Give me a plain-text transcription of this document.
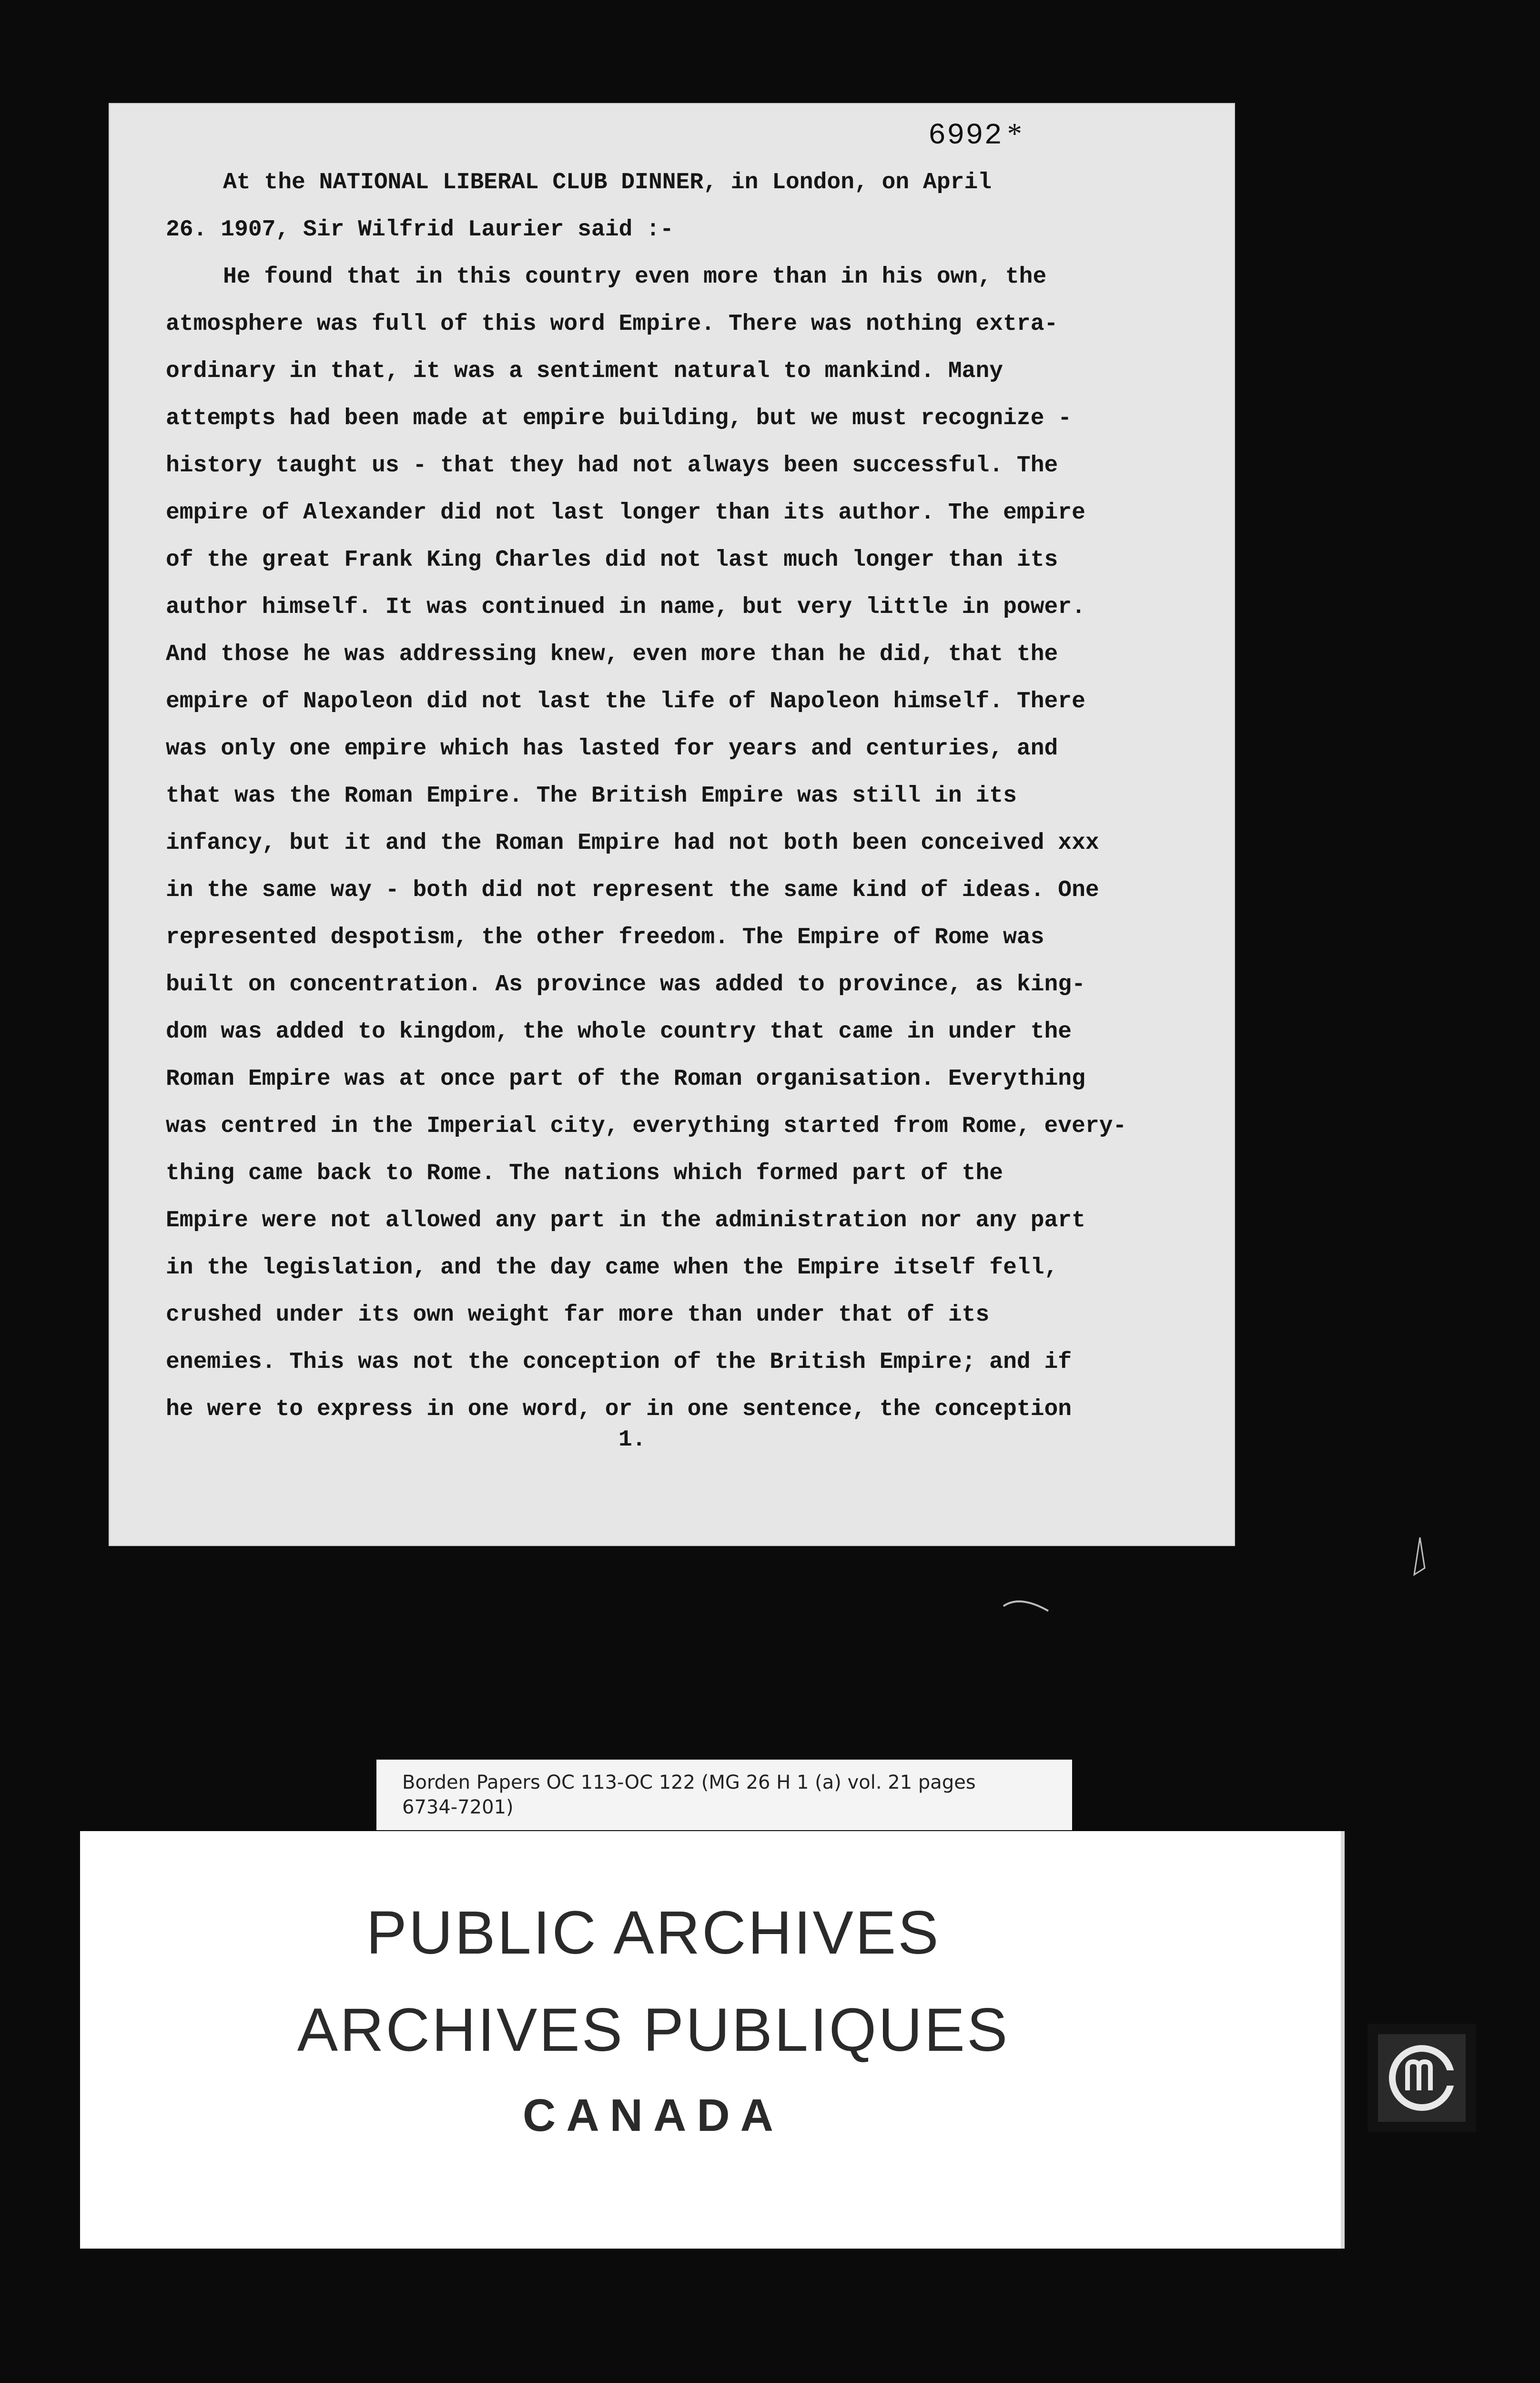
6992*
At the NATIONAL LIBERAL CLUB DINNER, in London, on April
26. 1907, Sir Wilfrid Laurier said :-
He found that in this country even more than in his own, the
atmosphere was full of this word Empire. There was nothing extra-
ordinary in that, it was a sentiment natural to mankind. Many
attempts had been made at empire building, but we must recognize -
history taught us - that they had not always been successful. The
empire of Alexander did not last longer than its author. The empire
of the great Frank King Charles did not last much longer than its
author himself. It was continued in name, but very little in power.
And those he was addressing knew, even more than he did, that the
empire of Napoleon did not last the life of Napoleon himself. There
was only one empire which has lasted for years and centuries, and
that was the Roman Empire. The British Empire was still in its
infancy, but it and the Roman Empire had not both been conceived xxx
in the same way - both did not represent the same kind of ideas. One
represented despotism, the other freedom. The Empire of Rome was
built on concentration. As province was added to province, as king-
dom was added to kingdom, the whole country that came in under the
Roman Empire was at once part of the Roman organisation. Everything
was centred in the Imperial city, everything started from Rome, every-
thing came back to Rome. The nations which formed part of the
Empire were not allowed any part in the administration nor any part
in the legislation, and the day came when the Empire itself fell,
crushed under its own weight far more than under that of its
enemies. This was not the conception of the British Empire; and if
he were to express in one word, or in one sentence, the conception
1.
Borden Papers OC 113-OC 122 (MG 26 H 1 (a) vol. 21 pages
6734-7201)
PUBLIC ARCHIVES
ARCHIVES PUBLIQUES
CANADA
